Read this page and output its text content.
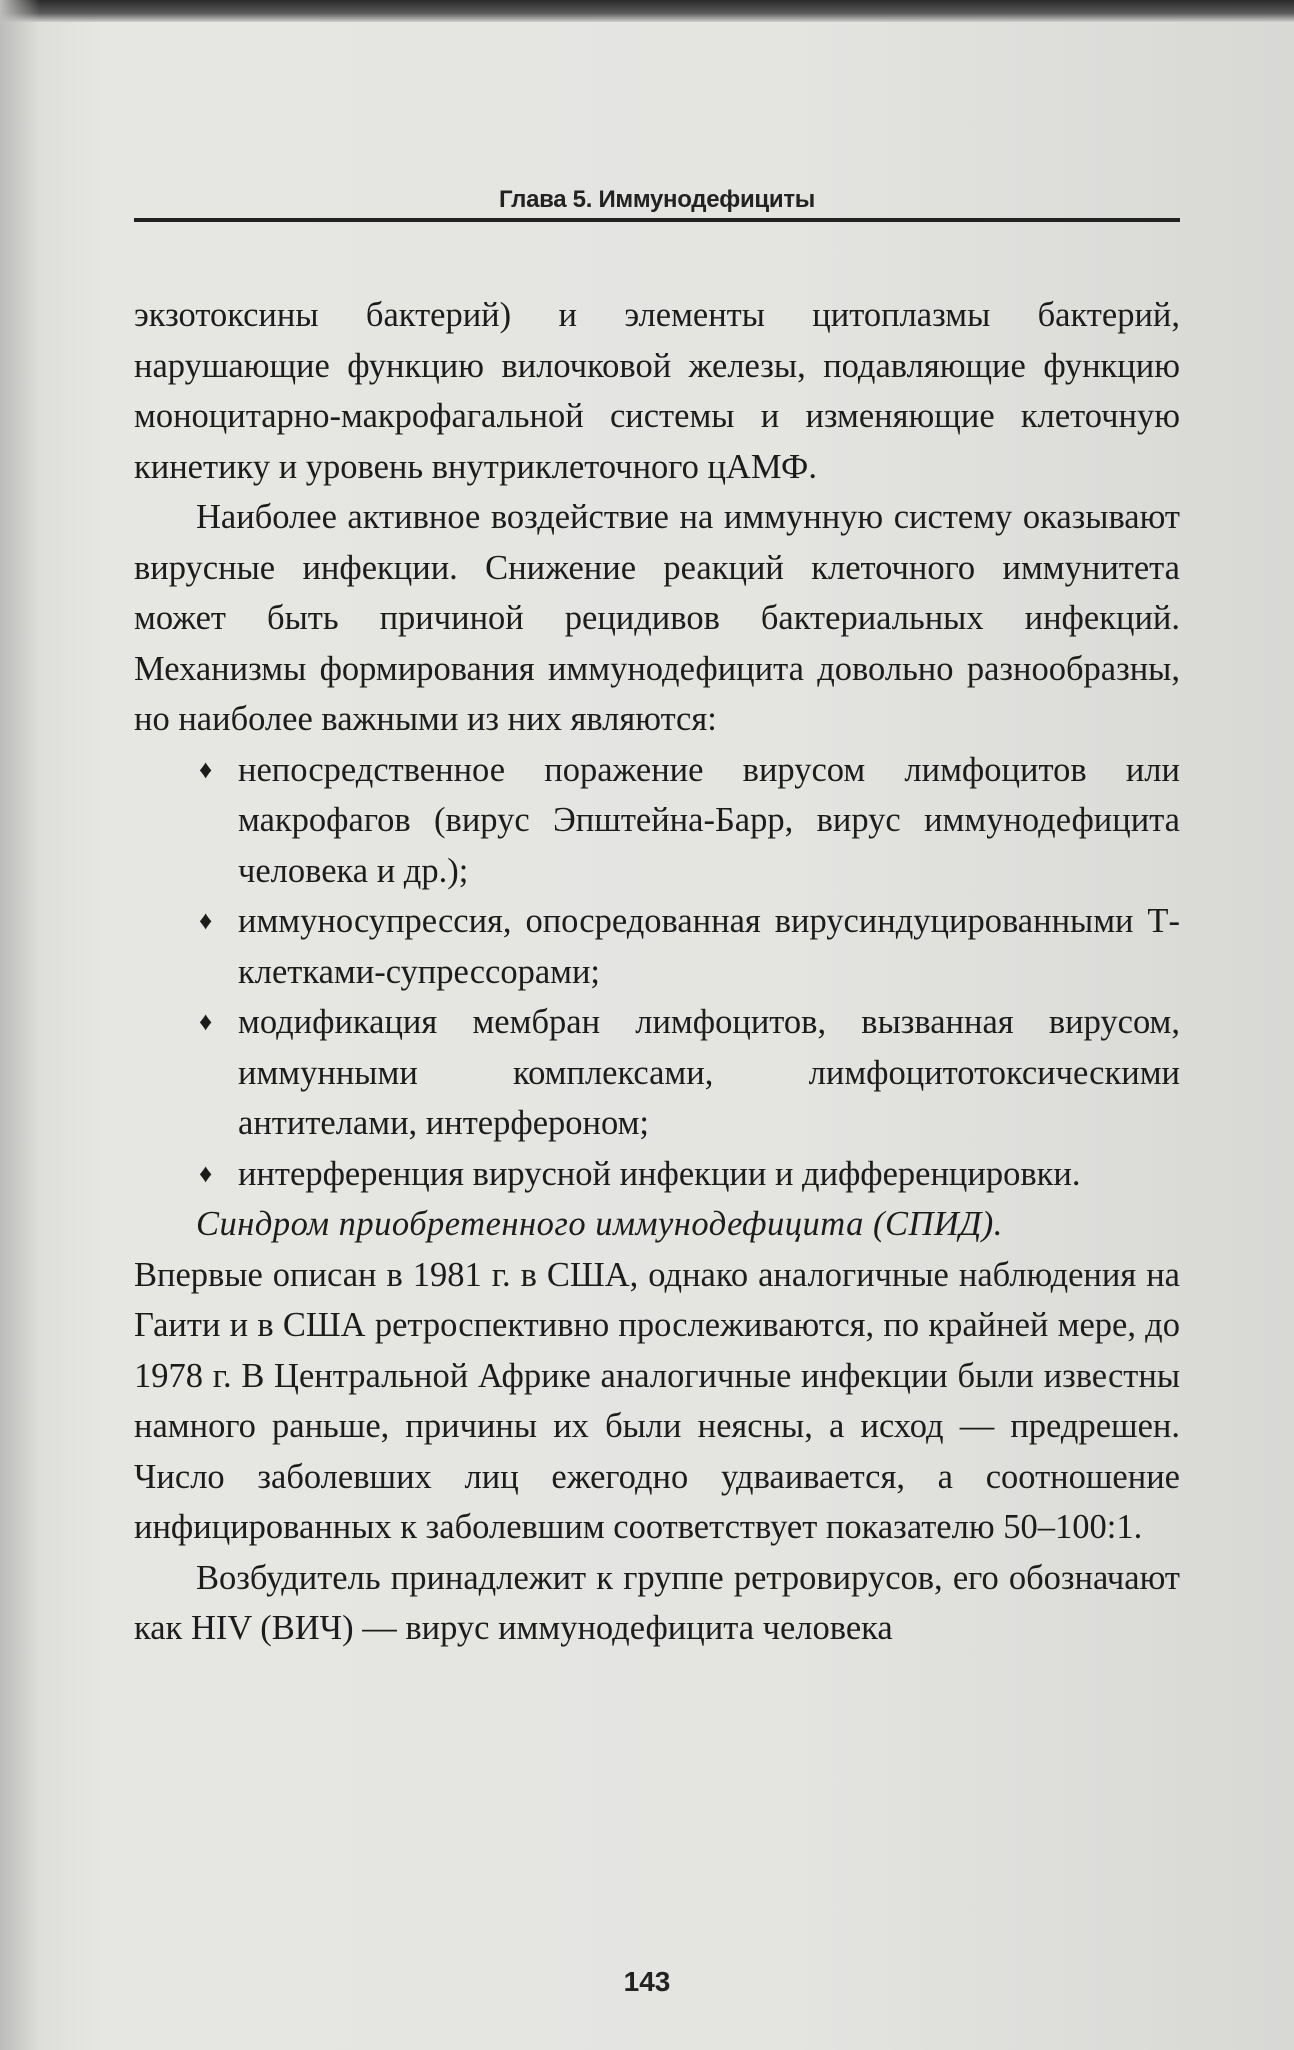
Глава 5. Иммунодефициты

экзотоксины бактерий) и элементы цитоплазмы бактерий, нарушающие функцию вилочковой железы, подавляющие функцию моноцитарно-макрофагальной системы и изменяющие клеточную кинетику и уровень внутриклеточного цАМФ.

Наиболее активное воздействие на иммунную систему оказывают вирусные инфекции. Снижение реакций клеточного иммунитета может быть причиной рецидивов бактериальных инфекций. Механизмы формирования иммунодефицита довольно разнообразны, но наиболее важными из них являются:

♦ непосредственное поражение вирусом лимфоцитов или макрофагов (вирус Эпштейна-Барр, вирус иммунодефицита человека и др.);
♦ иммуносупрессия, опосредованная вирусиндуцированными Т-клетками-супрессорами;
♦ модификация мембран лимфоцитов, вызванная вирусом, иммунными комплексами, лимфоцитотоксическими антителами, интерфероном;
♦ интерференция вирусной инфекции и дифференцировки.

Синдром приобретенного иммунодефицита (СПИД).
Впервые описан в 1981 г. в США, однако аналогичные наблюдения на Гаити и в США ретроспективно прослеживаются, по крайней мере, до 1978 г. В Центральной Африке аналогичные инфекции были известны намного раньше, причины их были неясны, а исход — предрешен. Число заболевших лиц ежегодно удваивается, а соотношение инфицированных к заболевшим соответствует показателю 50–100:1.

Возбудитель принадлежит к группе ретровирусов, его обозначают как HIV (ВИЧ) — вирус иммунодефицита человека

143
